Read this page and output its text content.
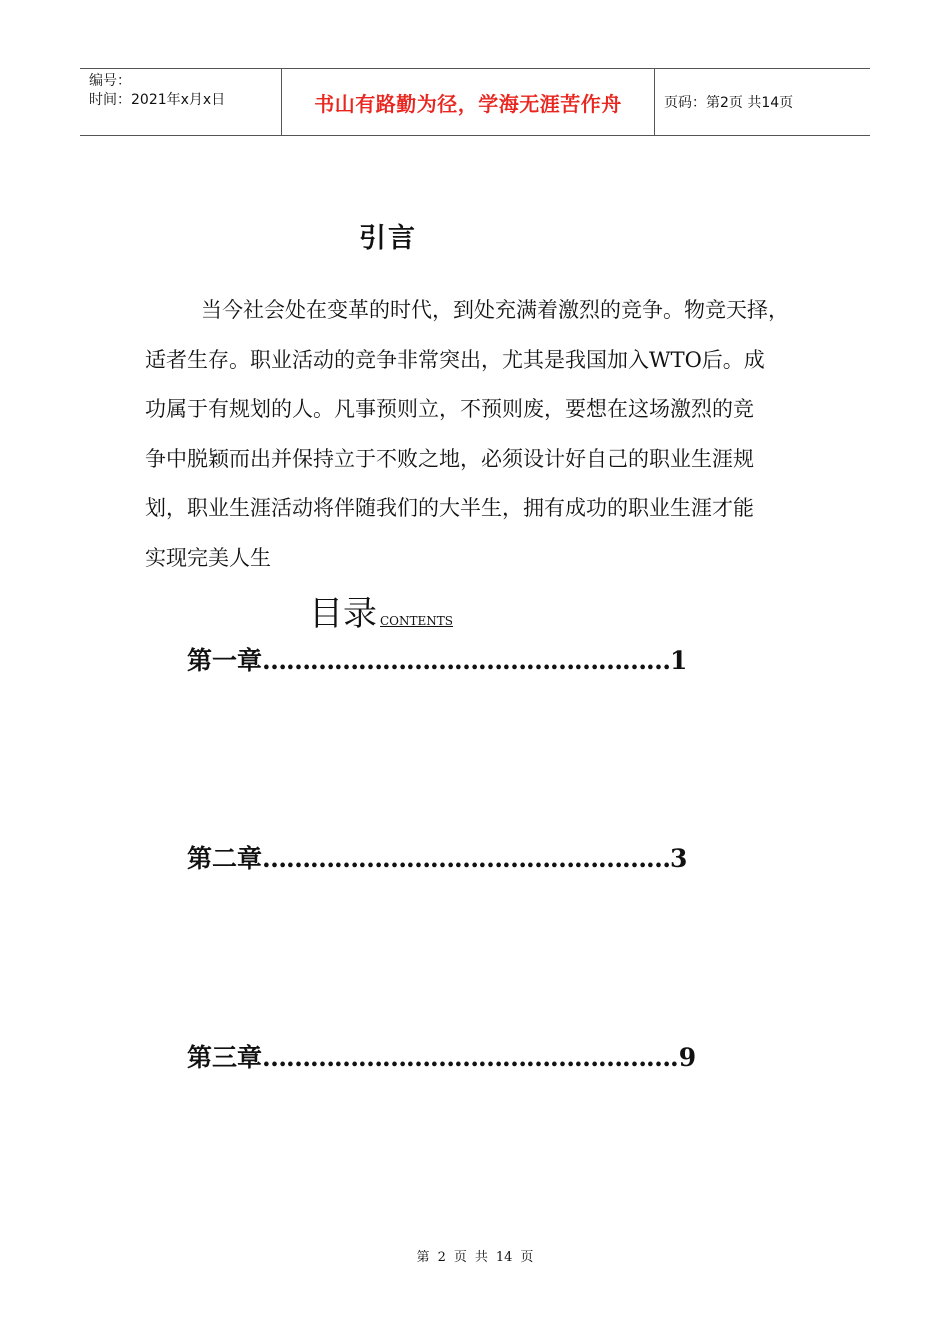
编号：
时间：2021年x月x日	书山有路勤为径，学海无涯苦作舟	页码：第2页 共14页
引言
当今社会处在变革的时代，到处充满着激烈的竞争。物竞天择，
适者生存。职业活动的竞争非常突出，尤其是我国加入WTO后。成
功属于有规划的人。凡事预则立，不预则废，要想在这场激烈的竞
争中脱颖而出并保持立于不败之地，必须设计好自己的职业生涯规
划，职业生涯活动将伴随我们的大半生，拥有成功的职业生涯才能
实现完美人生
目录 CONTENTS
第一章……………………………………………1
第二章……………………………………………3
第三章…………………………………………….9
第 2 页 共 14 页
